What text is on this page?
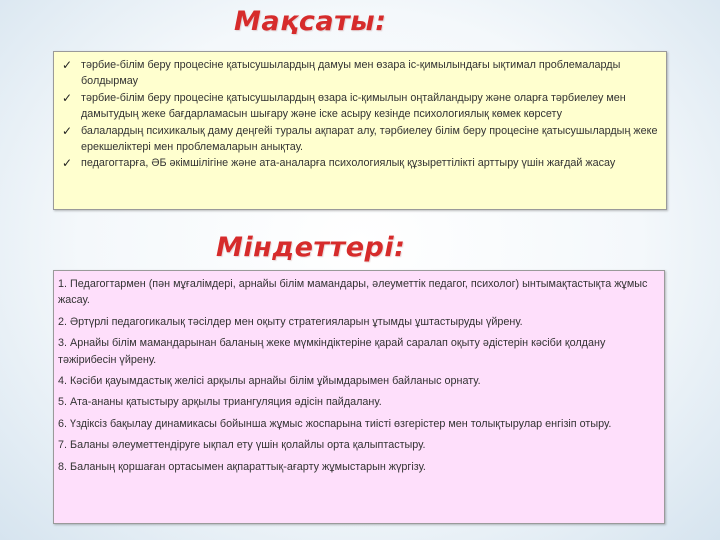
Мақсаты:
✓ тәрбие-білім беру процесіне қатысушылардың дамуы мен өзара іс-қимылындағы ықтимал проблемаларды болдырмау
✓ тәрбие-білім беру процесіне қатысушылардың өзара іс-қимылын оңтайландыру және оларға тәрбиелеу мен дамытудың жеке бағдарламасын шығару және іске асыру кезінде психологиялық көмек көрсету
✓ балалардың психикалық даму деңгейі туралы ақпарат алу, тәрбиелеу білім беру процесіне қатысушылардың жеке ерекшеліктері мен проблемаларын анықтау.
✓ педагогтарға, ӘБ әкімшілігіне және ата-аналарға психологиялық құзыреттілікті арттыру үшін жағдай жасау
Міндеттері:
1. Педагогтармен (пән мұғалімдері, арнайы білім мамандары, әлеуметтік педагог, психолог) ынтымақтастықта жұмыс жасау.
2. Әртүрлі педагогикалық тәсілдер мен оқыту стратегияларын ұтымды ұштастыруды үйрену.
3. Арнайы білім мамандарынан баланың жеке мүмкіндіктеріне қарай саралап оқыту әдістерін кәсіби қолдану тәжірибесін үйрену.
4. Кәсіби қауымдастық желісі арқылы арнайы білім ұйымдарымен байланыс орнату.
5. Ата-ананы қатыстыру арқылы триангуляция әдісін пайдалану.
6. Үздіксіз бақылау динамикасы бойынша жұмыс жоспарына тиісті өзгерістер мен толықтырулар енгізіп отыру.
7. Баланы әлеуметтендіруге ықпал ету үшін қолайлы орта қалыптастыру.
8. Баланың қоршаған ортасымен ақпараттық-ағарту жұмыстарын жүргізу.
